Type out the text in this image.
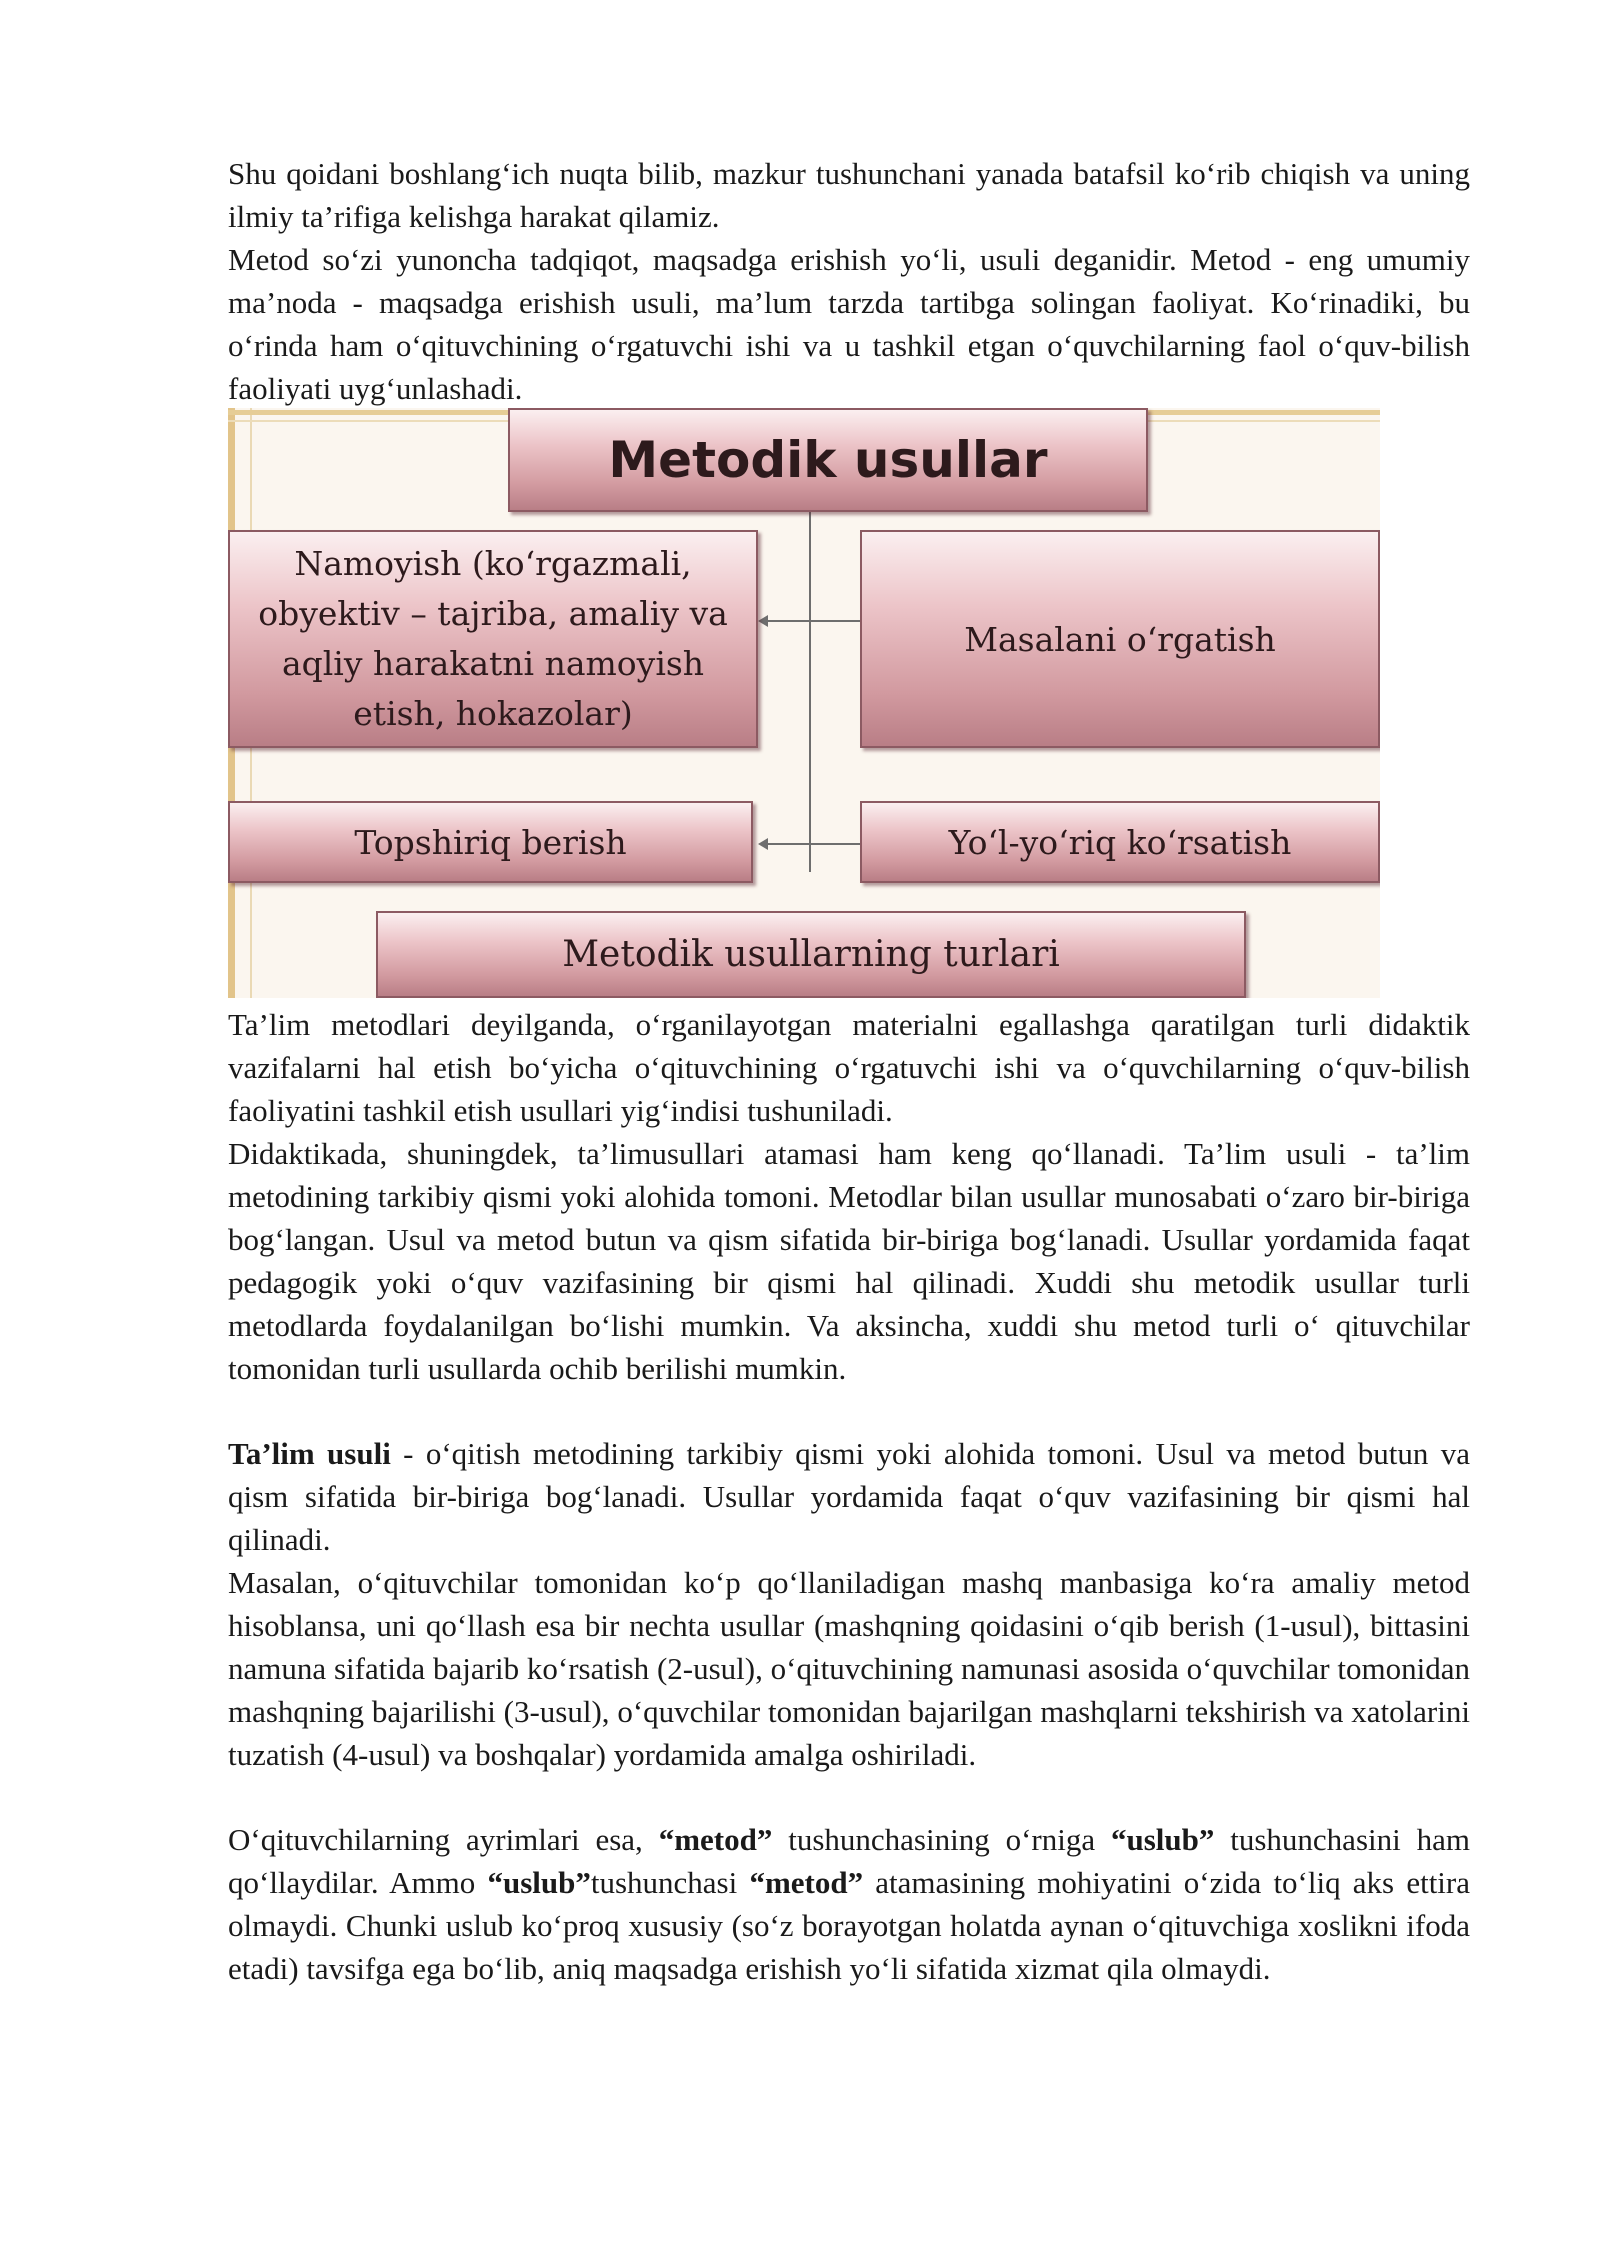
Shu qoidani boshlang‘ich nuqta bilib, mazkur tushunchani yanada batafsil ko‘rib chiqish va uning ilmiy ta’rifiga kelishga harakat qilamiz.

Metod so‘zi yunoncha tadqiqot, maqsadga erishish yo‘li, usuli deganidir. Metod - eng umumiy ma’noda - maqsadga erishish usuli, ma’lum tarzda tartibga solingan faoliyat. Ko‘rinadiki, bu o‘rinda ham o‘qituvchining o‘rgatuvchi ishi va u tashkil etgan o‘quvchilarning faol o‘quv-bilish faoliyati uyg‘unlashadi.

Metodik usullar
Namoyish (ko‘rgazmali, obyektiv – tajriba, amaliy va aqliy harakatni namoyish etish, hokazolar)
Masalani o‘rgatish
Topshiriq berish	Yo‘l-yo‘riq ko‘rsatish
Metodik usullarning turlari

Ta’lim metodlari deyilganda, o‘rganilayotgan materialni egallashga qaratilgan turli didaktik vazifalarni hal etish bo‘yicha o‘qituvchining o‘rgatuvchi ishi va o‘quvchilarning o‘quv-bilish faoliyatini tashkil etish usullari yig‘indisi tushuniladi.

Didaktikada, shuningdek, ta’limusullari atamasi ham keng qo‘llanadi. Ta’lim usuli - ta’lim metodining tarkibiy qismi yoki alohida tomoni. Metodlar bilan usullar munosabati o‘zaro bir-biriga bog‘langan. Usul va metod butun va qism sifatida bir-biriga bog‘lanadi. Usullar yordamida faqat pedagogik yoki o‘quv vazifasining bir qismi hal qilinadi. Xuddi shu metodik usullar turli metodlarda foydalanilgan bo‘lishi mumkin. Va aksincha, xuddi shu metod turli o‘ qituvchilar tomonidan turli usullarda ochib berilishi mumkin.

Ta’lim usuli - o‘qitish metodining tarkibiy qismi yoki alohida tomoni. Usul va metod butun va qism sifatida bir-biriga bog‘lanadi. Usullar yordamida faqat o‘quv vazifasining bir qismi hal qilinadi.

Masalan, o‘qituvchilar tomonidan ko‘p qo‘llaniladigan mashq manbasiga ko‘ra amaliy metod hisoblansa, uni qo‘llash esa bir nechta usullar (mashqning qoidasini o‘qib berish (1-usul), bittasini namuna sifatida bajarib ko‘rsatish (2-usul), o‘qituvchining namunasi asosida o‘quvchilar tomonidan mashqning bajarilishi (3-usul), o‘quvchilar tomonidan bajarilgan mashqlarni tekshirish va xatolarini tuzatish (4-usul) va boshqalar) yordamida amalga oshiriladi.

O‘qituvchilarning ayrimlari esa, “metod” tushunchasining o‘rniga “uslub” tushunchasini ham qo‘llaydilar. Ammo “uslub”tushunchasi “metod” atamasining mohiyatini o‘zida to‘liq aks ettira olmaydi. Chunki uslub ko‘proq xususiy (so‘z borayotgan holatda aynan o‘qituvchiga xoslikni ifoda etadi) tavsifga ega bo‘lib, aniq maqsadga erishish yo‘li sifatida xizmat qila olmaydi.
